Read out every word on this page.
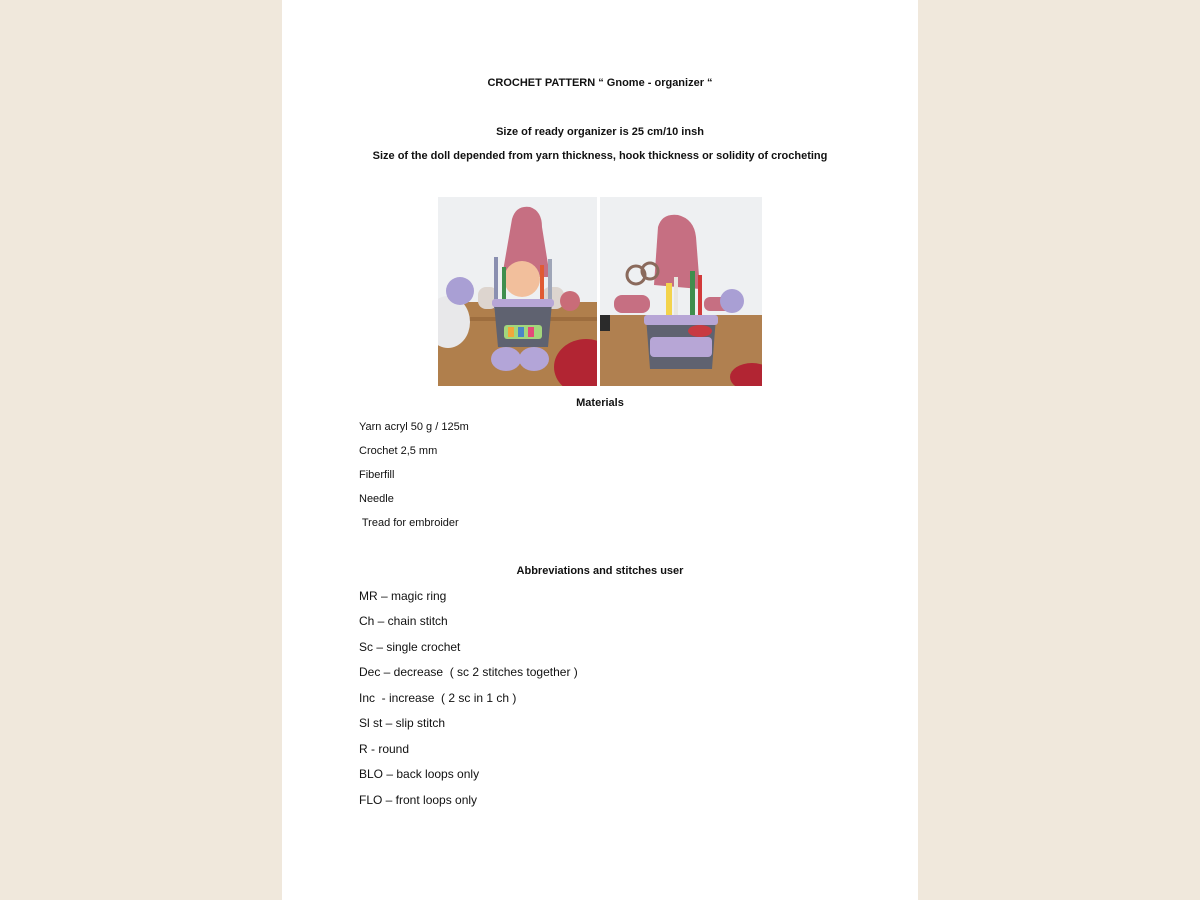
CROCHET PATTERN “ Gnome - organizer “
Size of ready organizer is 25 cm/10 insh
Size of the doll depended from yarn thickness, hook thickness or solidity of crocheting
Materials
Yarn acryl 50 g / 125m
Crochet 2,5 mm
Fiberfill
Needle
Tread for embroider
Abbreviations and stitches user
MR – magic ring
Ch – chain stitch
Sc – single crochet
Dec – decrease  ( sc 2 stitches together )
Inc  - increase  ( 2 sc in 1 ch )
Sl st – slip stitch
R - round
BLO – back loops only
FLO – front loops only
